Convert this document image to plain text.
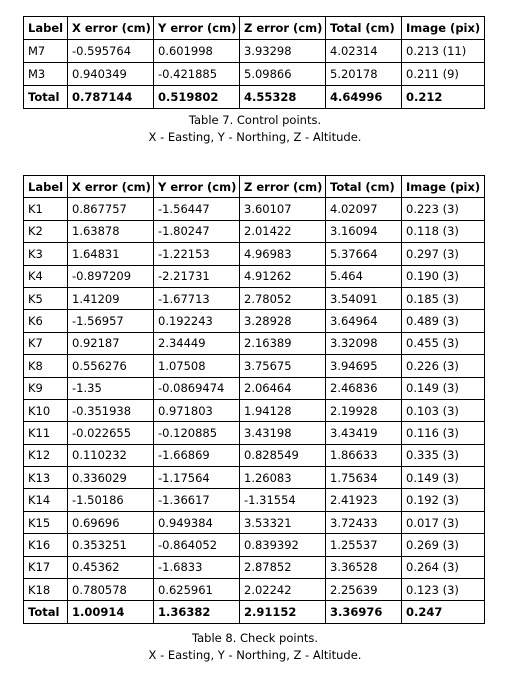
Label	X error (cm)	Y error (cm)	Z error (cm)	Total (cm)	Image (pix)
M7	-0.595764	0.601998	3.93298	4.02314	0.213 (11)
M3	0.940349	-0.421885	5.09866	5.20178	0.211 (9)
Total	0.787144	0.519802	4.55328	4.64996	0.212
Table 7. Control points.
X - Easting, Y - Northing, Z - Altitude.
Label	X error (cm)	Y error (cm)	Z error (cm)	Total (cm)	Image (pix)
K1	0.867757	-1.56447	3.60107	4.02097	0.223 (3)
K2	1.63878	-1.80247	2.01422	3.16094	0.118 (3)
K3	1.64831	-1.22153	4.96983	5.37664	0.297 (3)
K4	-0.897209	-2.21731	4.91262	5.464	0.190 (3)
K5	1.41209	-1.67713	2.78052	3.54091	0.185 (3)
K6	-1.56957	0.192243	3.28928	3.64964	0.489 (3)
K7	0.92187	2.34449	2.16389	3.32098	0.455 (3)
K8	0.556276	1.07508	3.75675	3.94695	0.226 (3)
K9	-1.35	-0.0869474	2.06464	2.46836	0.149 (3)
K10	-0.351938	0.971803	1.94128	2.19928	0.103 (3)
K11	-0.022655	-0.120885	3.43198	3.43419	0.116 (3)
K12	0.110232	-1.66869	0.828549	1.86633	0.335 (3)
K13	0.336029	-1.17564	1.26083	1.75634	0.149 (3)
K14	-1.50186	-1.36617	-1.31554	2.41923	0.192 (3)
K15	0.69696	0.949384	3.53321	3.72433	0.017 (3)
K16	0.353251	-0.864052	0.839392	1.25537	0.269 (3)
K17	0.45362	-1.6833	2.87852	3.36528	0.264 (3)
K18	0.780578	0.625961	2.02242	2.25639	0.123 (3)
Total	1.00914	1.36382	2.91152	3.36976	0.247
Table 8. Check points.
X - Easting, Y - Northing, Z - Altitude.
